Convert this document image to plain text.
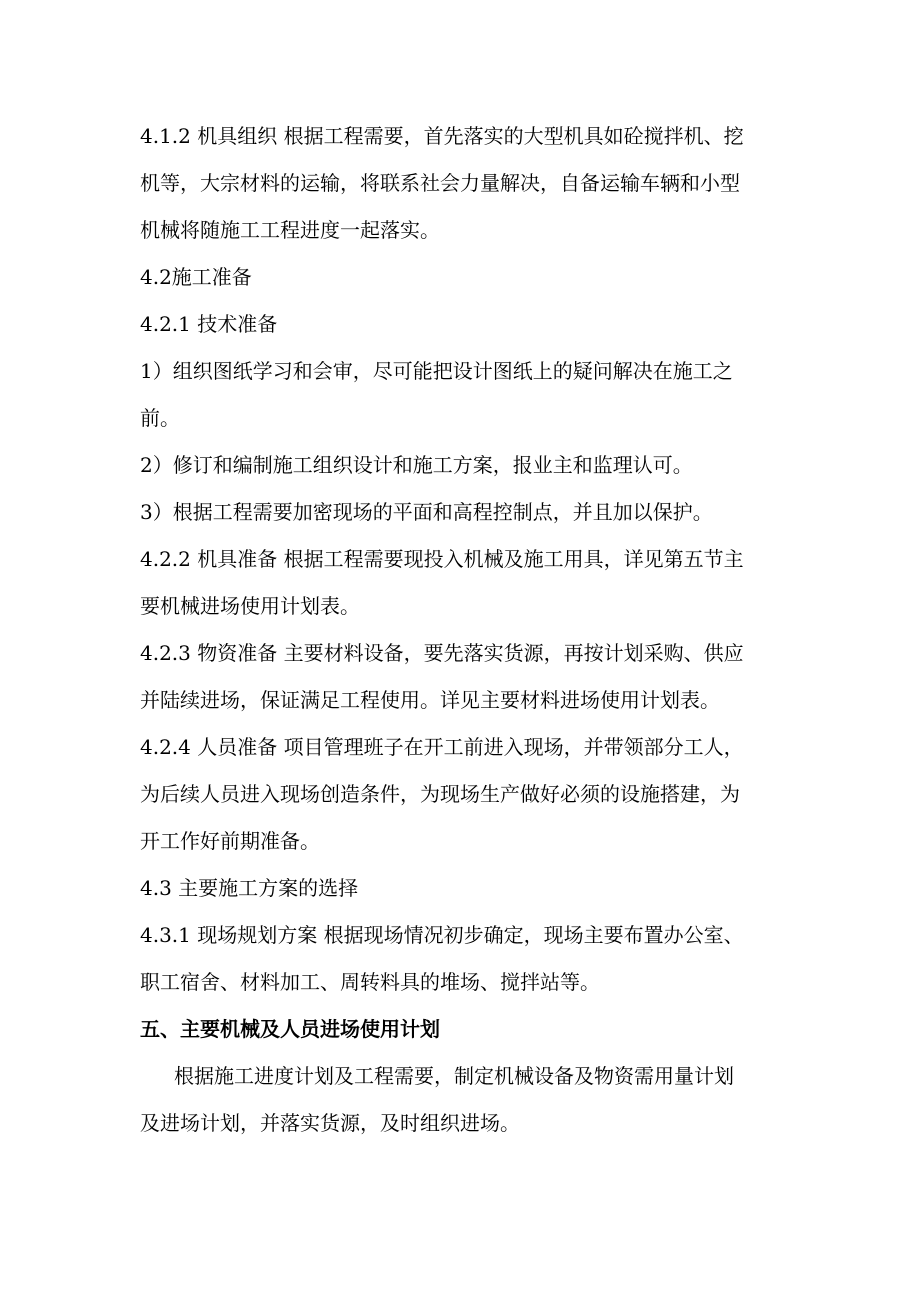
4.1.2 机具组织 根据工程需要，首先落实的大型机具如砼搅拌机、挖
机等，大宗材料的运输，将联系社会力量解决，自备运输车辆和小型
机械将随施工工程进度一起落实。
4.2施工准备
4.2.1 技术准备
1）组织图纸学习和会审，尽可能把设计图纸上的疑问解决在施工之
前。
2）修订和编制施工组织设计和施工方案，报业主和监理认可。
3）根据工程需要加密现场的平面和高程控制点，并且加以保护。
4.2.2 机具准备 根据工程需要现投入机械及施工用具，详见第五节主
要机械进场使用计划表。
4.2.3 物资准备 主要材料设备，要先落实货源，再按计划采购、供应
并陆续进场，保证满足工程使用。详见主要材料进场使用计划表。
4.2.4 人员准备 项目管理班子在开工前进入现场，并带领部分工人，
为后续人员进入现场创造条件，为现场生产做好必须的设施搭建，为
开工作好前期准备。
4.3 主要施工方案的选择
4.3.1 现场规划方案 根据现场情况初步确定，现场主要布置办公室、
职工宿舍、材料加工、周转料具的堆场、搅拌站等。
五、主要机械及人员进场使用计划
根据施工进度计划及工程需要，制定机械设备及物资需用量计划
及进场计划，并落实货源，及时组织进场。
